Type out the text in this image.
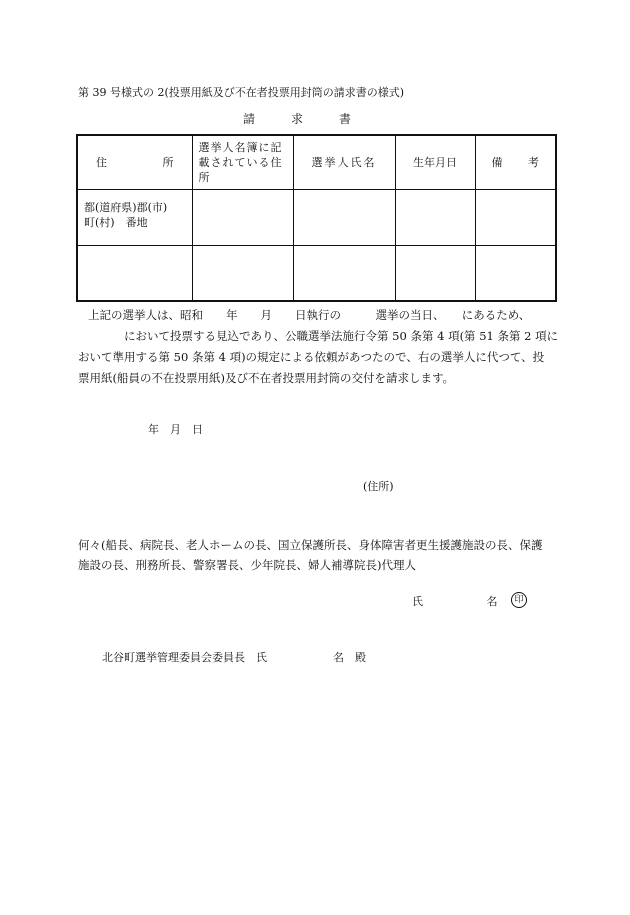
第 39 号様式の 2(投票用紙及び不在者投票用封筒の請求書の様式)
請求書
住 所	選挙人名簿に記載されている住所	選挙人氏名	生年月日	備 考

都(道府県)郡(市)
町(村)　番地				

上記の選挙人は、昭和　　年　　月　　日執行の　　　選挙の当日、　　にあるため、
において投票する見込であり、公職選挙法施行令第 50 条第 4 項(第 51 条第 2 項に
おいて準用する第 50 条第 4 項)の規定による依頼があつたので、右の選挙人に代つて、投
票用紙(船員の不在投票用紙)及び不在者投票用封筒の交付を請求します。
年　月　日
(住所)
何々(船長、病院長、老人ホームの長、国立保護所長、身体障害者更生援護施設の長、保護
施設の長、刑務所長、警察署長、少年院長、婦人補導院長)代理人
氏 名	印
北谷町選挙管理委員会委員長　氏　　　　　　名　殿
